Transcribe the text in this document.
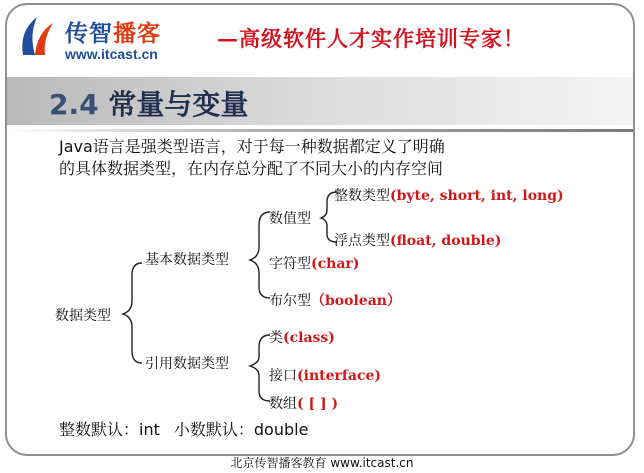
传智播客
www.itcast.cn
—高级软件人才实作培训专家！
2.4 常量与变量
Java语言是强类型语言，对于每一种数据都定义了明确
的具体数据类型，在内存总分配了不同大小的内存空间
数据类型
基本数据类型
引用数据类型
数值型
整数类型(byte, short, int, long)
浮点类型(float, double)
字符型(char)
布尔型（boolean）
类(class)
接口(interface)
数组( [ ] )
整数默认：int 小数默认：double
北京传智播客教育 www.itcast.cn
